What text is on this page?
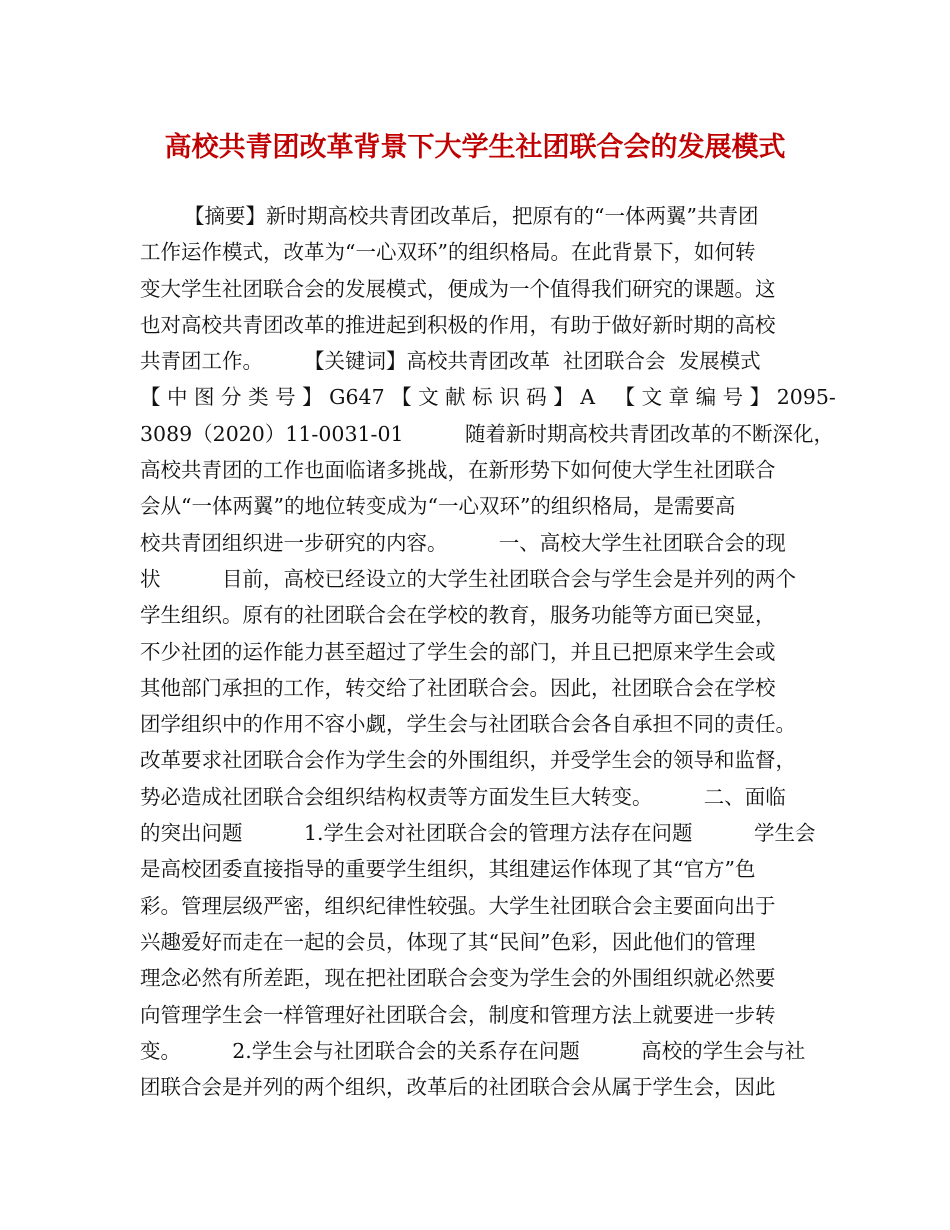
高校共青团改革背景下大学生社团联合会的发展模式
【摘要】新时期高校共青团改革后，把原有的“一体两翼”共青团
工作运作模式，改革为“一心双环”的组织格局。在此背景下，如何转
变大学生社团联合会的发展模式，便成为一个值得我们研究的课题。这
也对高校共青团改革的推进起到积极的作用，有助于做好新时期的高校
共青团工作。　　　【关键词】高校共青团改革  社团联合会  发展模式
【 中 图 分 类 号 】 G647 【 文 献 标 识 码 】 A   【 文 章 编 号 】 2095-
3089（2020）11-0031-01　　　随着新时期高校共青团改革的不断深化，
高校共青团的工作也面临诸多挑战，在新形势下如何使大学生社团联合
会从“一体两翼”的地位转变成为“一心双环”的组织格局，是需要高
校共青团组织进一步研究的内容。　　　一、高校大学生社团联合会的现
状　　　目前，高校已经设立的大学生社团联合会与学生会是并列的两个
学生组织。原有的社团联合会在学校的教育，服务功能等方面已突显，
不少社团的运作能力甚至超过了学生会的部门，并且已把原来学生会或
其他部门承担的工作，转交给了社团联合会。因此，社团联合会在学校
团学组织中的作用不容小觑，学生会与社团联合会各自承担不同的责任。
改革要求社团联合会作为学生会的外围组织，并受学生会的领导和监督，
势必造成社团联合会组织结构权责等方面发生巨大转变。　　　二、面临
的突出问题　　　1.学生会对社团联合会的管理方法存在问题　　　学生会
是高校团委直接指导的重要学生组织，其组建运作体现了其“官方”色
彩。管理层级严密，组织纪律性较强。大学生社团联合会主要面向出于
兴趣爱好而走在一起的会员，体现了其“民间”色彩，因此他们的管理
理念必然有所差距，现在把社团联合会变为学生会的外围组织就必然要
向管理学生会一样管理好社团联合会，制度和管理方法上就要进一步转
变。　　　2.学生会与社团联合会的关系存在问题　　　高校的学生会与社
团联合会是并列的两个组织，改革后的社团联合会从属于学生会，因此
